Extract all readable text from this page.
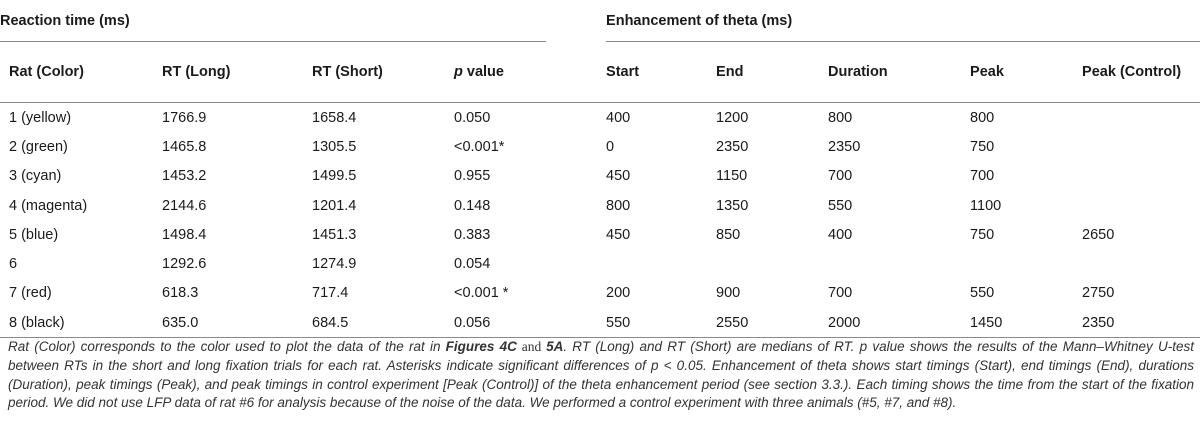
Reaction time (ms)					Enhancement of theta (ms)				

Rat (Color)	RT (Long)	RT (Short)	p value		Start	End	Duration	Peak	Peak (Control)
1 (yellow)	1766.9	1658.4	0.050		400	1200	800	800	
2 (green)	1465.8	1305.5	<0.001*		0	2350	2350	750	
3 (cyan)	1453.2	1499.5	0.955		450	1150	700	700	
4 (magenta)	2144.6	1201.4	0.148		800	1350	550	1100	
5 (blue)	1498.4	1451.3	0.383		450	850	400	750	2650
6	1292.6	1274.9	0.054						
7 (red)	618.3	717.4	<0.001 *		200	900	700	550	2750
8 (black)	635.0	684.5	0.056		550	2550	2000	1450	2350
Rat (Color) corresponds to the color used to plot the data of the rat in Figures 4C and 5A. RT (Long) and RT (Short) are medians of RT. p value shows the results of the Mann–Whitney U-test between RTs in the short and long fixation trials for each rat. Asterisks indicate significant differences of p < 0.05. Enhancement of theta shows start timings (Start), end timings (End), durations (Duration), peak timings (Peak), and peak timings in control experiment [Peak (Control)] of the theta enhancement period (see section 3.3.). Each timing shows the time from the start of the fixation period. We did not use LFP data of rat #6 for analysis because of the noise of the data. We performed a control experiment with three animals (#5, #7, and #8).
